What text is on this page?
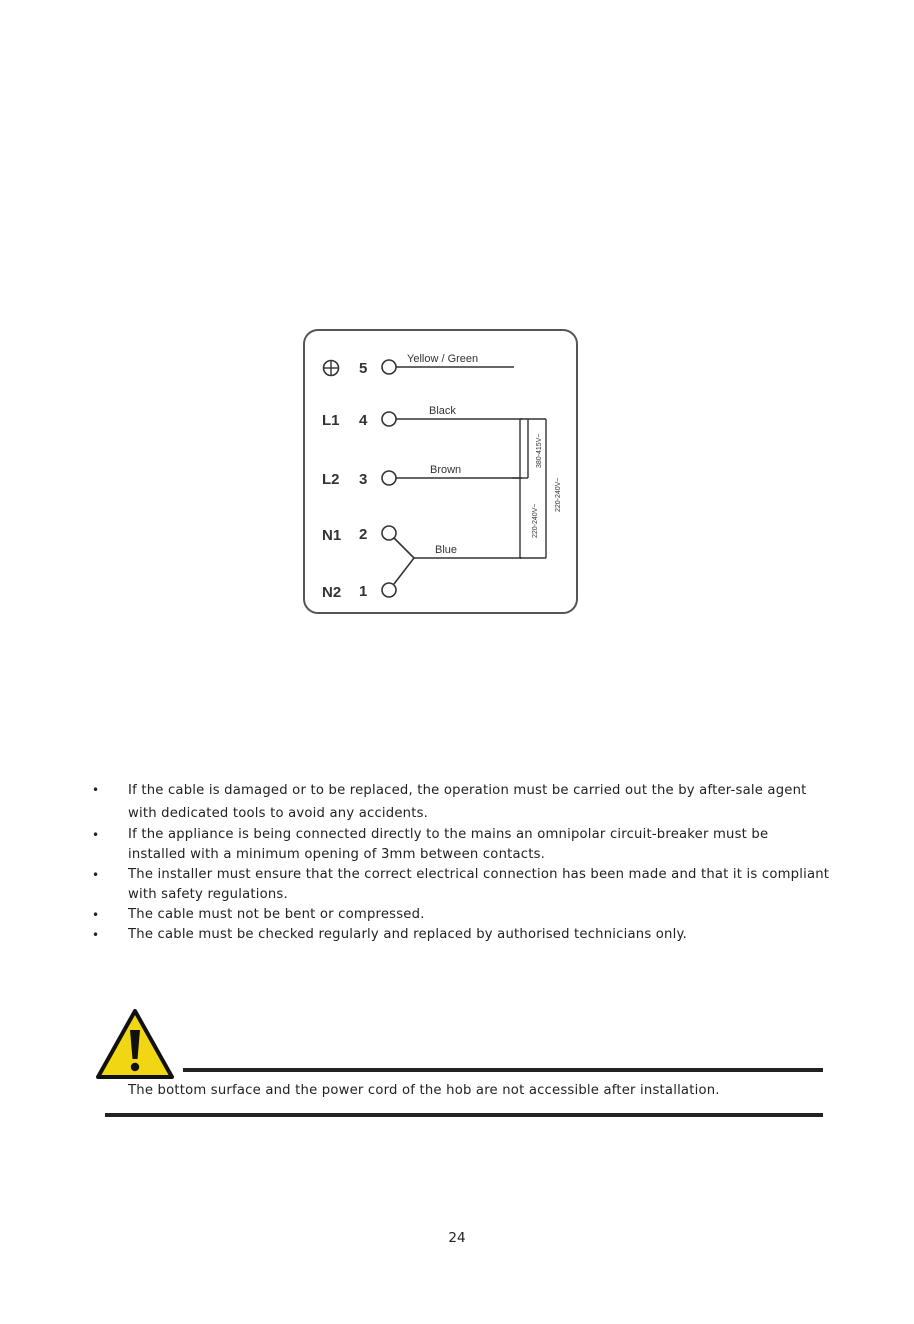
5
Yellow / Green
L1 4
Black
L2 3
Brown
N1 2
N2 1
Blue
380-415V~
220-240V~
220-240V~
• If the cable is damaged or to be replaced, the operation must be carried out the by after-sale agent with dedicated tools to avoid any accidents.
• If the appliance is being connected directly to the mains an omnipolar circuit-breaker must be installed with a minimum opening of 3mm between contacts.
• The installer must ensure that the correct electrical connection has been made and that it is compliant with safety regulations.
• The cable must not be bent or compressed.
• The cable must be checked regularly and replaced by authorised technicians only.
The bottom surface and the power cord of the hob are not accessible after installation.
24
